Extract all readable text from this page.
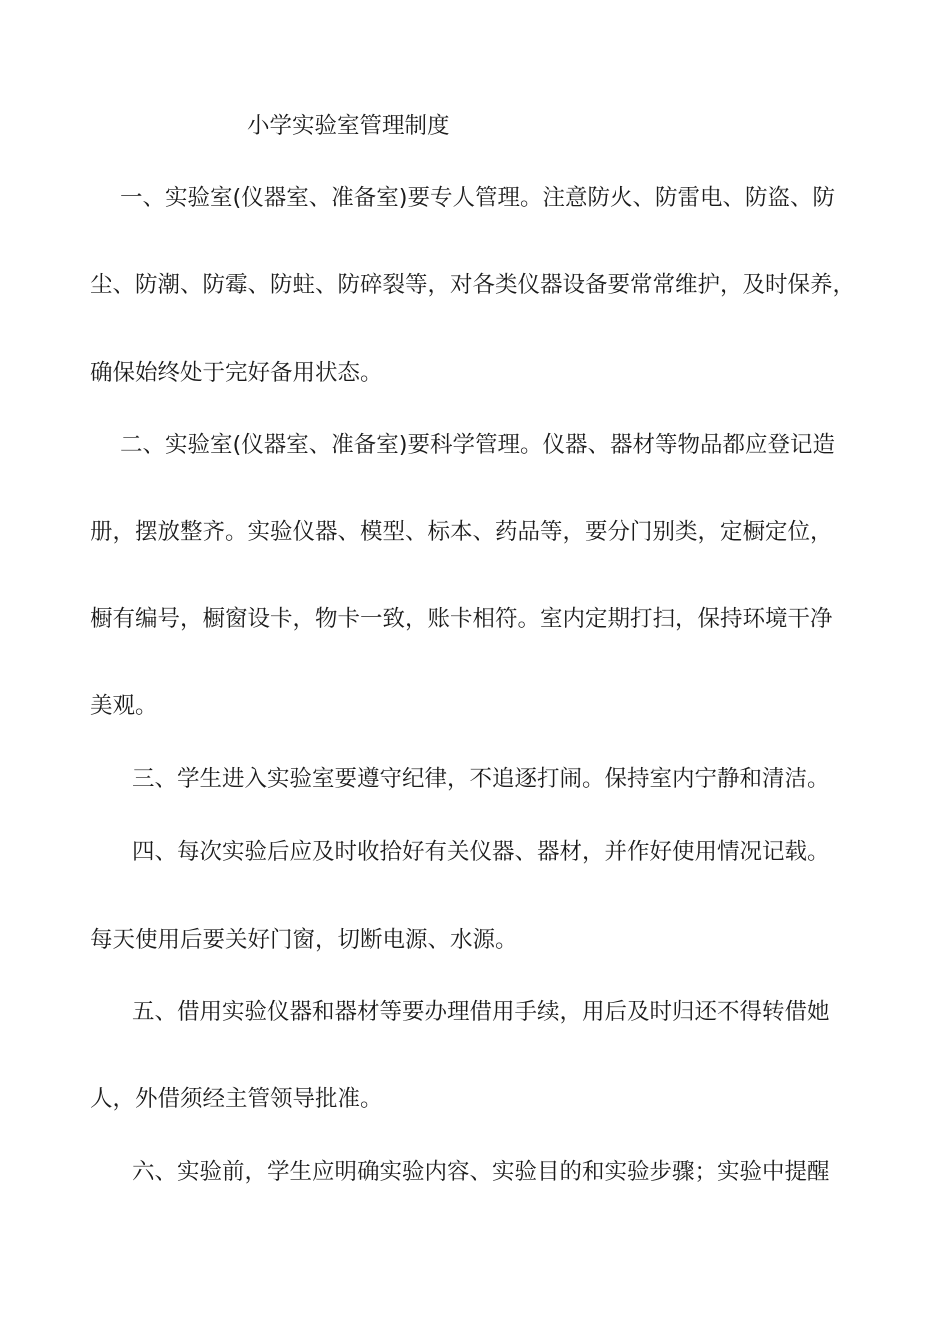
小学实验室管理制度
一、实验室(仪器室、准备室)要专人管理。注意防火、防雷电、防盗、防
尘、防潮、防霉、防蛀、防碎裂等，对各类仪器设备要常常维护，及时保养，
确保始终处于完好备用状态。
二、实验室(仪器室、准备室)要科学管理。仪器、器材等物品都应登记造
册，摆放整齐。实验仪器、模型、标本、药品等，要分门别类，定橱定位，
橱有编号，橱窗设卡，物卡一致，账卡相符。室内定期打扫，保持环境干净
美观。
三、学生进入实验室要遵守纪律，不追逐打闹。保持室内宁静和清洁。
四、每次实验后应及时收拾好有关仪器、器材，并作好使用情况记载。
每天使用后要关好门窗，切断电源、水源。
五、借用实验仪器和器材等要办理借用手续，用后及时归还不得转借她
人，外借须经主管领导批准。
六、实验前，学生应明确实验内容、实验目的和实验步骤；实验中提醒
